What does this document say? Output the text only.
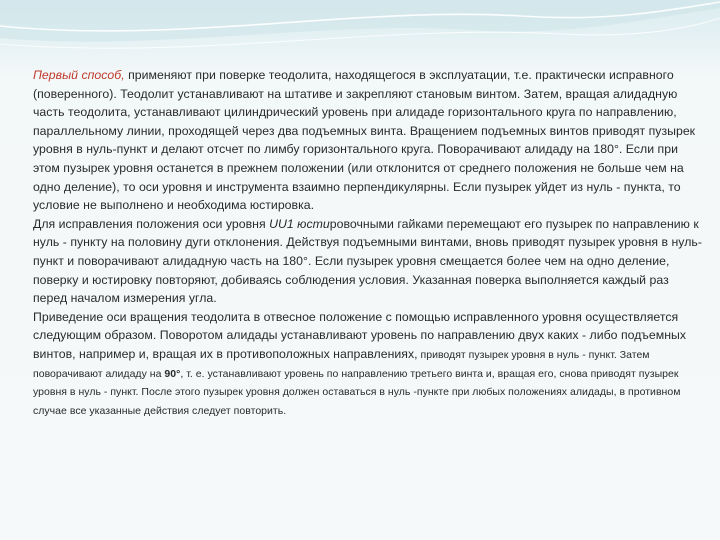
Первый способ, применяют при поверке теодолита, находящегося в эксплуатации, т.е. практически исправного (поверенного). Теодолит устанавливают на штативе и закрепляют становым винтом. Затем, вращая алидадную часть теодолита, устанавливают цилиндрический уровень при алидаде горизонтального круга по направлению, параллельному линии, проходящей через два подъемных винта. Вращением подъемных винтов приводят пузырек уровня в нуль-пункт и делают отсчет по лимбу горизонтального круга. Поворачивают алидаду на 180°. Если при этом пузырек уровня останется в прежнем положении (или отклонится от среднего положения не больше чем на одно деление), то оси уровня и инструмента взаимно перпендикулярны. Если пузырек уйдет из нуль - пункта, то условие не выполнено и необходима юстировка.

Для исправления положения оси уровня UU1 юстировочными гайками перемещают его пузырек по направлению к нуль - пункту на половину дуги отклонения. Действуя подъемными винтами, вновь приводят пузырек уровня в нуль-пункт и поворачивают алидадную часть на 180°. Если пузырек уровня смещается более чем на одно деление, поверку и юстировку повторяют, добиваясь соблюдения условия. Указанная поверка выполняется каждый раз перед началом измерения угла.

Приведение оси вращения теодолита в отвесное положение с помощью исправленного уровня осуществляется следующим образом. Поворотом алидады устанавливают уровень по направлению двух каких - либо подъемных винтов, например и, вращая их в противоположных направлениях, приводят пузырек уровня в нуль - пункт. Затем поворачивают алидаду на 90°, т. е. устанавливают уровень по направлению третьего винта и, вращая его, снова приводят пузырек уровня в нуль - пункт. После этого пузырек уровня должен оставаться в нуль -пункте при любых положениях алидады, в противном случае все указанные действия следует повторить.
